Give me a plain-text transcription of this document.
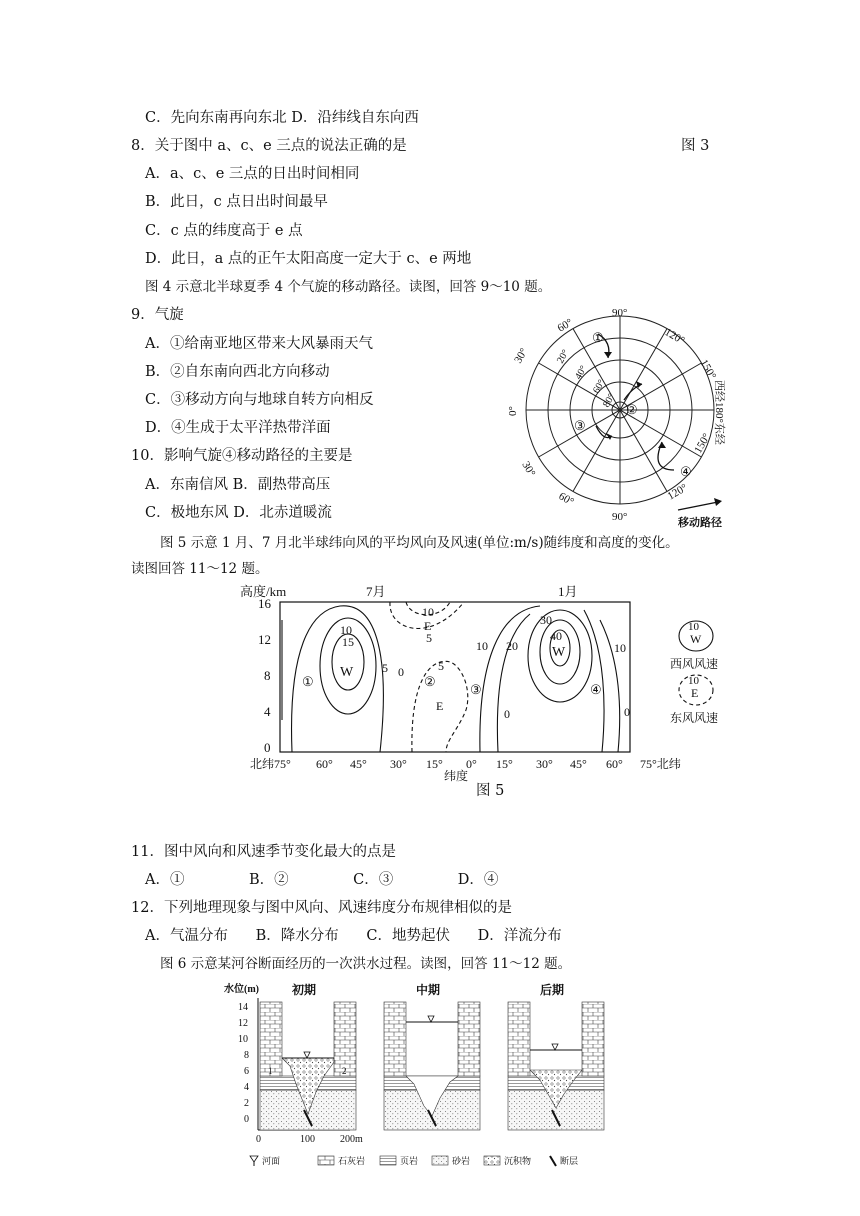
C．先向东南再向东北 D．沿纬线自东向西
8．关于图中 a、c、e 三点的说法正确的是	图 3
A．a、c、e 三点的日出时间相同
B．此日，c 点日出时间最早
C．c 点的纬度高于 e 点
D．此日，a 点的正午太阳高度一定大于 c、e 两地
图 4 示意北半球夏季 4 个气旋的移动路径。读图，回答 9～10 题。
9．气旋
A．①给南亚地区带来大风暴雨天气
B．②自东南向西北方向移动
C．③移动方向与地球自转方向相反
D．④生成于太平洋热带洋面
10．影响气旋④移动路径的主要是
A．东南信风 B．副热带高压
C．极地东风 D．北赤道暖流
90°
120°
150°
西经180°东经
150°
120°
90°
60°
30°
0°
30°
60°
20°
40°
60°
80°
①
②
③
④
移动路径
图 5 示意 1 月、7 月北半球纬向风的平均风向及风速(单位:m/s)随纬度和高度的变化。
读图回答 11～12 题。
10
15
W 5 0
10
E
5
5
E
0
10 20
30
40
W	10
0
①	②
③	④
高度/km	7月	1月
16
12
8
4
0
北纬75° 60° 45° 30° 15° 0° 15° 30° 45° 60° 75°北纬
纬度
10
W
西风风速
10
E
东风风速
图 5
11．图中风向和风速季节变化最大的点是
A．①              B．②              C．③              D．④
12．下列地理现象与图中风向、风速纬度分布规律相似的是
A．气温分布      B．降水分布      C．地势起伏      D．洋流分布
图 6 示意某河谷断面经历的一次洪水过程。读图，回答 11～12 题。
水位(m)
14
12
10
8
6
4
2
0
0	100	200m
初期	中期	后期
1	2
河面	石灰岩	页岩	砂岩	沉积物	断层
